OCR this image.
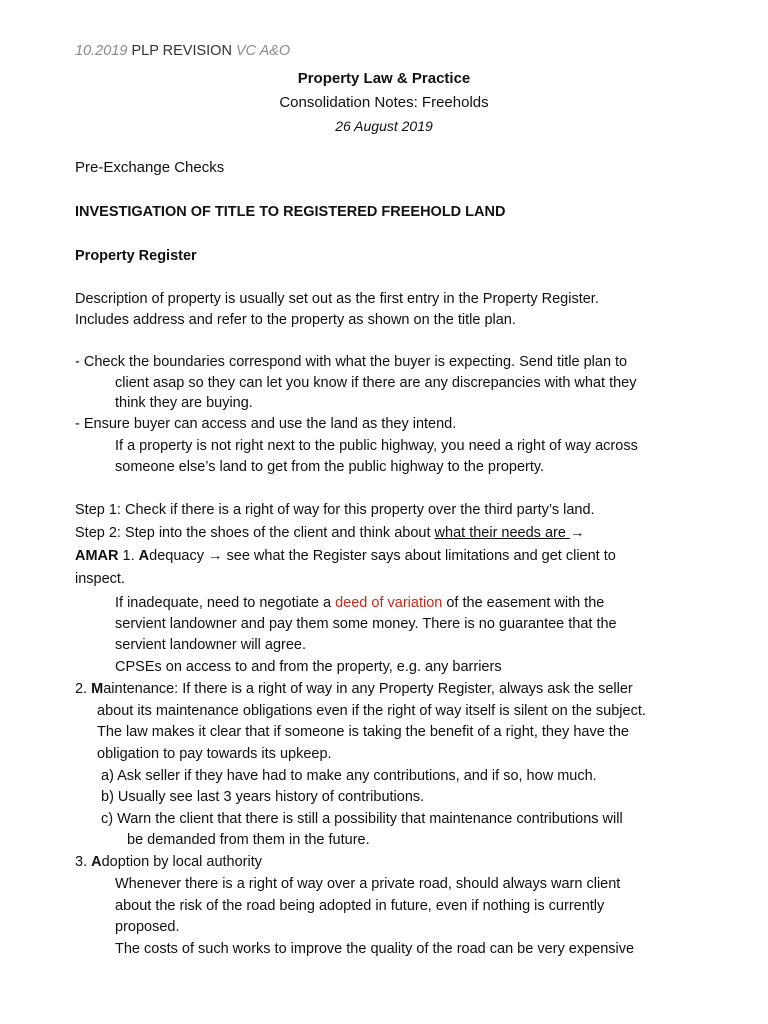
10.2019 PLP REVISION VC A&O
Property Law & Practice
Consolidation Notes: Freeholds
26 August 2019
Pre-Exchange Checks
INVESTIGATION OF TITLE TO REGISTERED FREEHOLD LAND
Property Register
Description of property is usually set out as the first entry in the Property Register.
Includes address and refer to the property as shown on the title plan.
- Check the boundaries correspond with what the buyer is expecting. Send title plan to
client asap so they can let you know if there are any discrepancies with what they
think they are buying.
- Ensure buyer can access and use the land as they intend.
If a property is not right next to the public highway, you need a right of way across
someone else’s land to get from the public highway to the property.
Step 1: Check if there is a right of way for this property over the third party’s land.
Step 2: Step into the shoes of the client and think about what their needs are →
AMAR 1. Adequacy → see what the Register says about limitations and get client to
inspect.
If inadequate, need to negotiate a deed of variation of the easement with the
servient landowner and pay them some money. There is no guarantee that the
servient landowner will agree.
CPSEs on access to and from the property, e.g. any barriers
2. Maintenance: If there is a right of way in any Property Register, always ask the seller
about its maintenance obligations even if the right of way itself is silent on the subject.
The law makes it clear that if someone is taking the benefit of a right, they have the
obligation to pay towards its upkeep.
a) Ask seller if they have had to make any contributions, and if so, how much.
b) Usually see last 3 years history of contributions.
c) Warn the client that there is still a possibility that maintenance contributions will
be demanded from them in the future.
3. Adoption by local authority
Whenever there is a right of way over a private road, should always warn client
about the risk of the road being adopted in future, even if nothing is currently
proposed.
The costs of such works to improve the quality of the road can be very expensive
